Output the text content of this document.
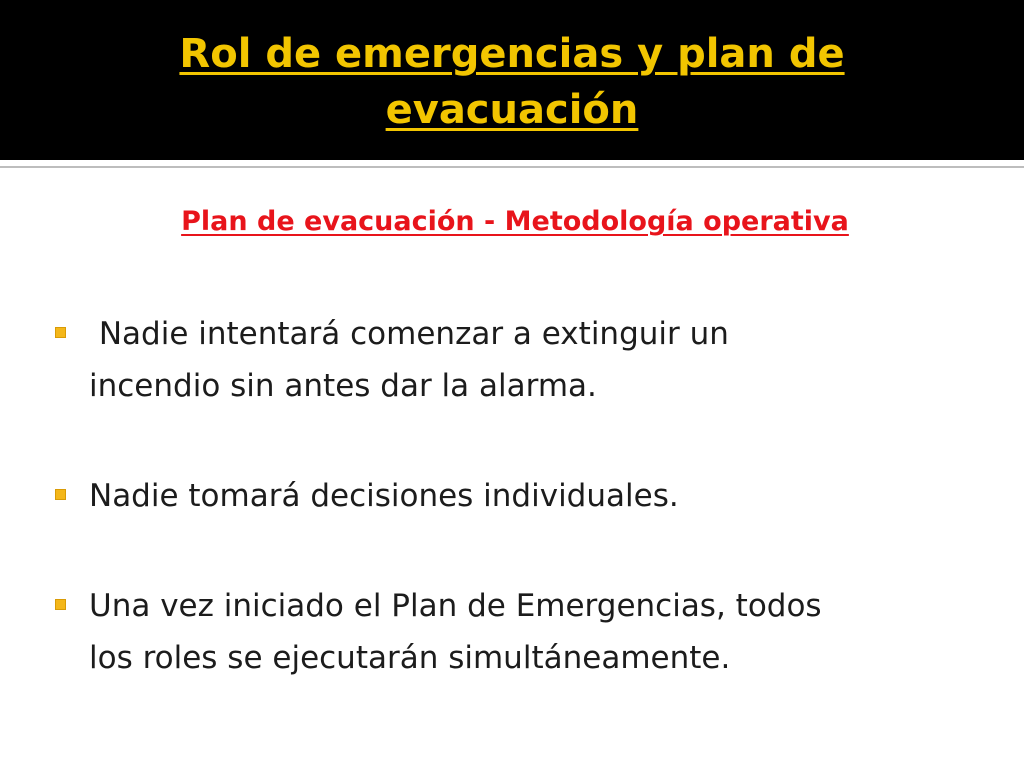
Rol de emergencias y plan de
evacuación
Plan de evacuación - Metodología operativa

Nadie intentará comenzar a extinguir un
incendio sin antes dar la alarma.

Nadie tomará decisiones individuales.

Una vez iniciado el Plan de Emergencias, todos
los roles se ejecutarán simultáneamente.
